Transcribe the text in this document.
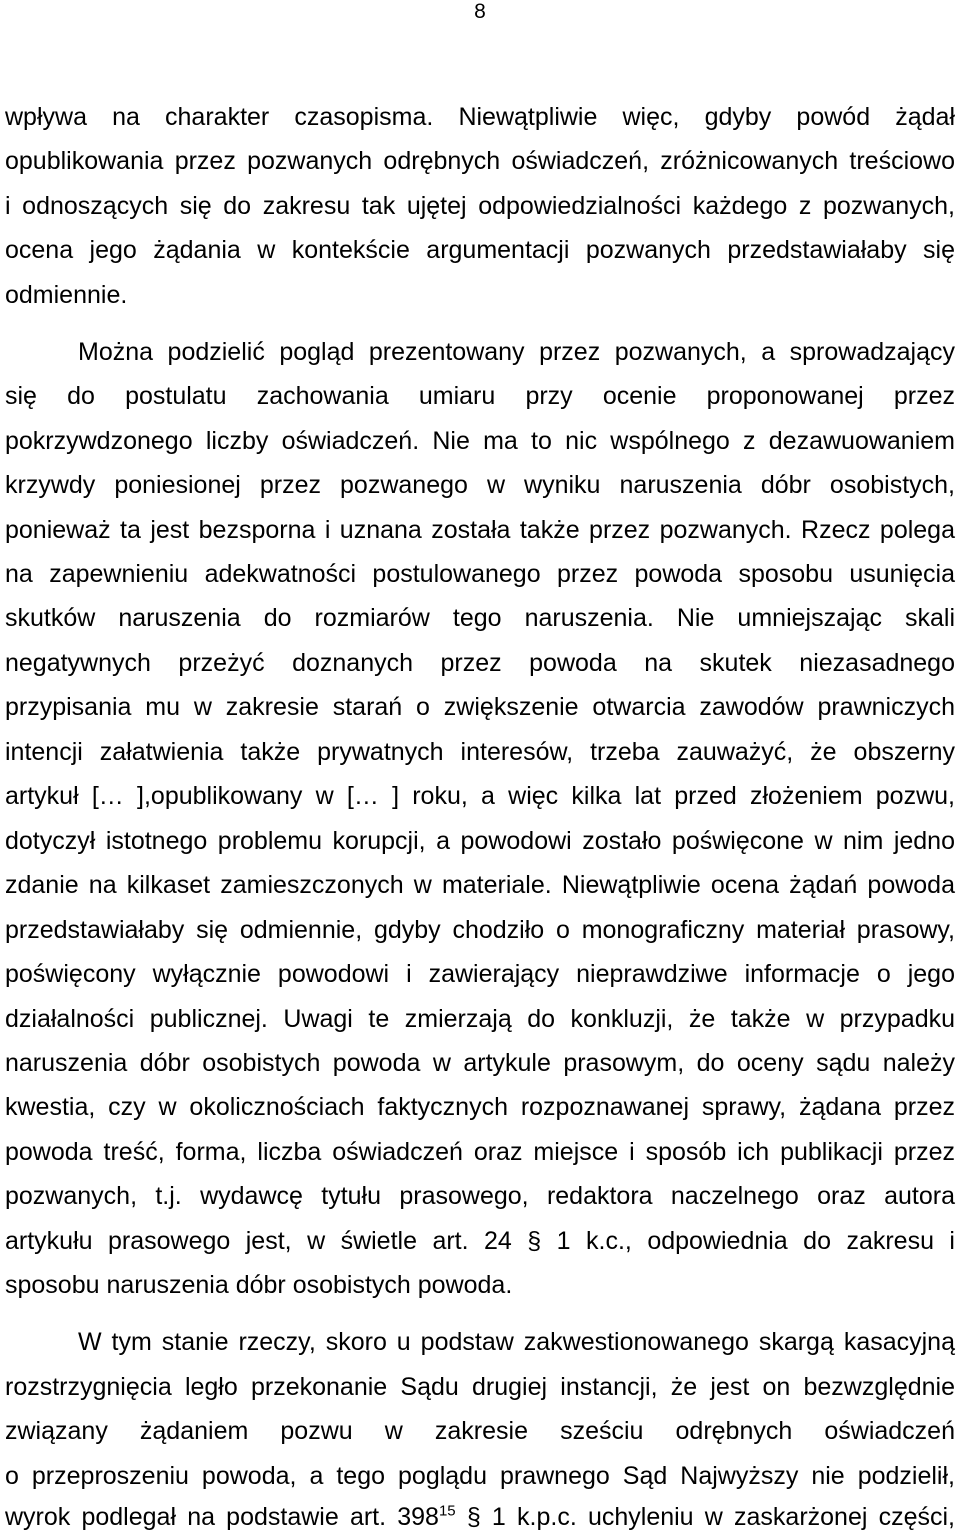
8
wpływa na charakter czasopisma. Niewątpliwie więc, gdyby powód żądał
opublikowania przez pozwanych odrębnych oświadczeń, zróżnicowanych treściowo
i odnoszących się do zakresu tak ujętej odpowiedzialności każdego z pozwanych,
ocena jego żądania w kontekście argumentacji pozwanych przedstawiałaby się
odmiennie.
Można podzielić pogląd prezentowany przez pozwanych, a sprowadzający
się do postulatu zachowania umiaru przy ocenie proponowanej przez
pokrzywdzonego liczby oświadczeń. Nie ma to nic wspólnego z dezawuowaniem
krzywdy poniesionej przez pozwanego w wyniku naruszenia dóbr osobistych,
ponieważ ta jest bezsporna i uznana została także przez pozwanych. Rzecz polega
na zapewnieniu adekwatności postulowanego przez powoda sposobu usunięcia
skutków naruszenia do rozmiarów tego naruszenia. Nie umniejszając skali
negatywnych przeżyć doznanych przez powoda na skutek niezasadnego
przypisania mu w zakresie starań o zwiększenie otwarcia zawodów prawniczych
intencji załatwienia także prywatnych interesów, trzeba zauważyć, że obszerny
artykuł [… ],opublikowany w [… ] roku, a więc kilka lat przed złożeniem pozwu,
dotyczył istotnego problemu korupcji, a powodowi zostało poświęcone w nim jedno
zdanie na kilkaset zamieszczonych w materiale. Niewątpliwie ocena żądań powoda
przedstawiałaby się odmiennie, gdyby chodziło o monograficzny materiał prasowy,
poświęcony wyłącznie powodowi i zawierający nieprawdziwe informacje o jego
działalności publicznej. Uwagi te zmierzają do konkluzji, że także w przypadku
naruszenia dóbr osobistych powoda w artykule prasowym, do oceny sądu należy
kwestia, czy w okolicznościach faktycznych rozpoznawanej sprawy, żądana przez
powoda treść, forma, liczba oświadczeń oraz miejsce i sposób ich publikacji przez
pozwanych, t.j. wydawcę tytułu prasowego, redaktora naczelnego oraz autora
artykułu prasowego jest, w świetle art. 24 § 1 k.c., odpowiednia do zakresu i
sposobu naruszenia dóbr osobistych powoda.
W tym stanie rzeczy, skoro u podstaw zakwestionowanego skargą kasacyjną
rozstrzygnięcia legło przekonanie Sądu drugiej instancji, że jest on bezwzględnie
związany żądaniem pozwu w zakresie sześciu odrębnych oświadczeń
o przeproszeniu powoda, a tego poglądu prawnego Sąd Najwyższy nie podzielił,
wyrok podlegał na podstawie art. $398^{15}$ § 1 k.p.c. uchyleniu w zaskarżonej części,
